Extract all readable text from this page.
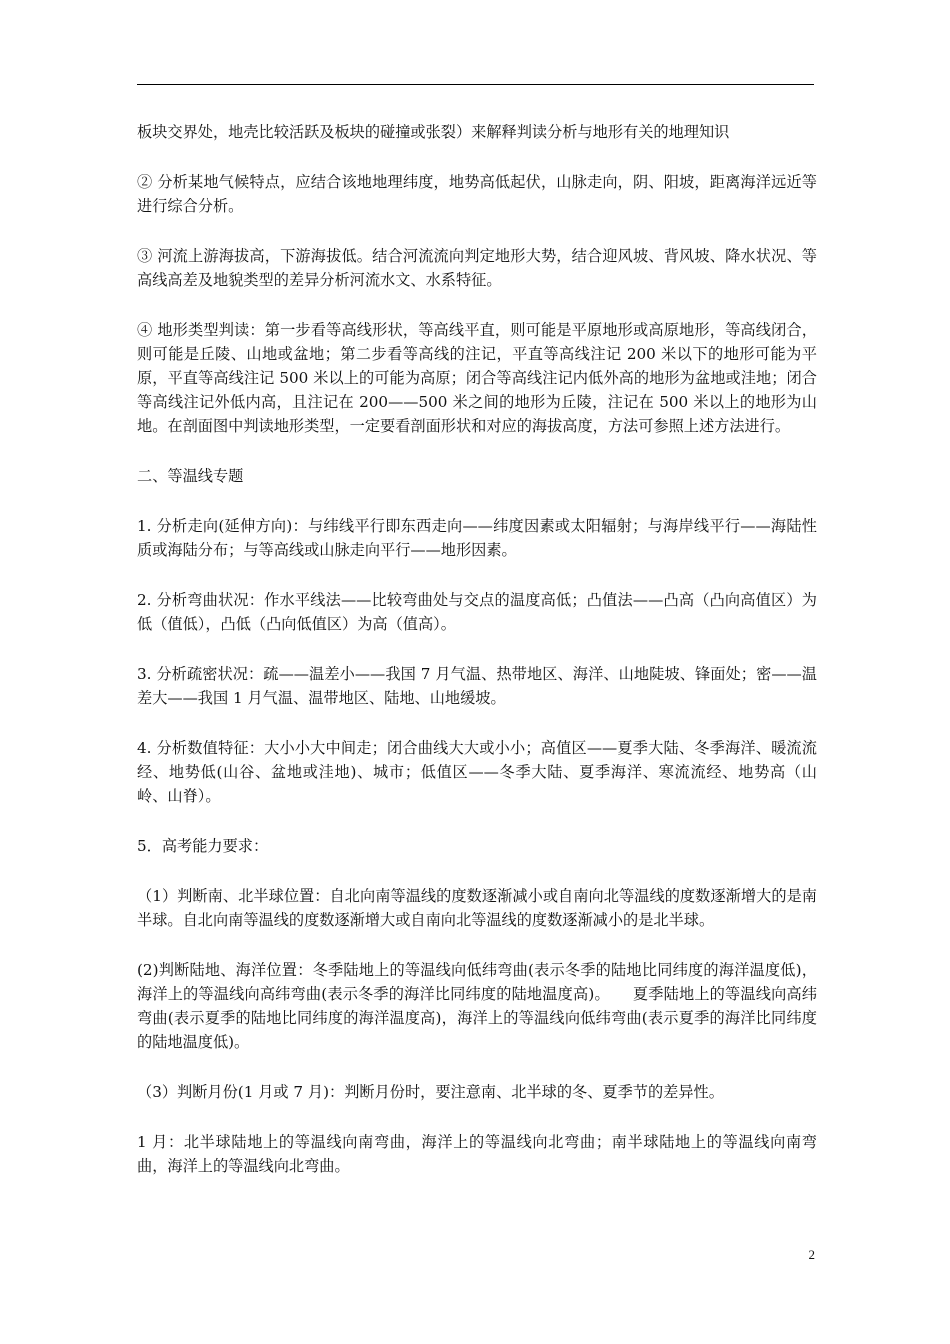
板块交界处，地壳比较活跃及板块的碰撞或张裂）来解释判读分析与地形有关的地理知识

② 分析某地气候特点，应结合该地地理纬度，地势高低起伏，山脉走向，阴、阳坡，距离海洋远近等进行综合分析。

③ 河流上游海拔高，下游海拔低。结合河流流向判定地形大势，结合迎风坡、背风坡、降水状况、等高线高差及地貌类型的差异分析河流水文、水系特征。

④ 地形类型判读：第一步看等高线形状，等高线平直，则可能是平原地形或高原地形，等高线闭合，则可能是丘陵、山地或盆地；第二步看等高线的注记，平直等高线注记 200 米以下的地形可能为平原，平直等高线注记 500 米以上的可能为高原；闭合等高线注记内低外高的地形为盆地或洼地；闭合等高线注记外低内高，且注记在 200——500 米之间的地形为丘陵，注记在 500 米以上的地形为山地。在剖面图中判读地形类型，一定要看剖面形状和对应的海拔高度，方法可参照上述方法进行。

二、等温线专题

1. 分析走向(延伸方向)：与纬线平行即东西走向——纬度因素或太阳辐射；与海岸线平行——海陆性质或海陆分布；与等高线或山脉走向平行——地形因素。

2. 分析弯曲状况：作水平线法——比较弯曲处与交点的温度高低；凸值法——凸高（凸向高值区）为低（值低），凸低（凸向低值区）为高（值高）。

3. 分析疏密状况：疏——温差小——我国 7 月气温、热带地区、海洋、山地陡坡、锋面处；密——温差大——我国 1 月气温、温带地区、陆地、山地缓坡。

4. 分析数值特征：大小小大中间走；闭合曲线大大或小小；高值区——夏季大陆、冬季海洋、暖流流经、地势低(山谷、盆地或洼地)、城市；低值区——冬季大陆、夏季海洋、寒流流经、地势高（山岭、山脊）。

5．高考能力要求：

（1）判断南、北半球位置：自北向南等温线的度数逐渐减小或自南向北等温线的度数逐渐增大的是南半球。自北向南等温线的度数逐渐增大或自南向北等温线的度数逐渐减小的是北半球。

(2)判断陆地、海洋位置：冬季陆地上的等温线向低纬弯曲(表示冬季的陆地比同纬度的海洋温度低)，海洋上的等温线向高纬弯曲(表示冬季的海洋比同纬度的陆地温度高)。　　夏季陆地上的等温线向高纬弯曲(表示夏季的陆地比同纬度的海洋温度高)，海洋上的等温线向低纬弯曲(表示夏季的海洋比同纬度的陆地温度低)。

（3）判断月份(1 月或 7 月)：判断月份时，要注意南、北半球的冬、夏季节的差异性。

1 月：北半球陆地上的等温线向南弯曲，海洋上的等温线向北弯曲；南半球陆地上的等温线向南弯曲，海洋上的等温线向北弯曲。

2
